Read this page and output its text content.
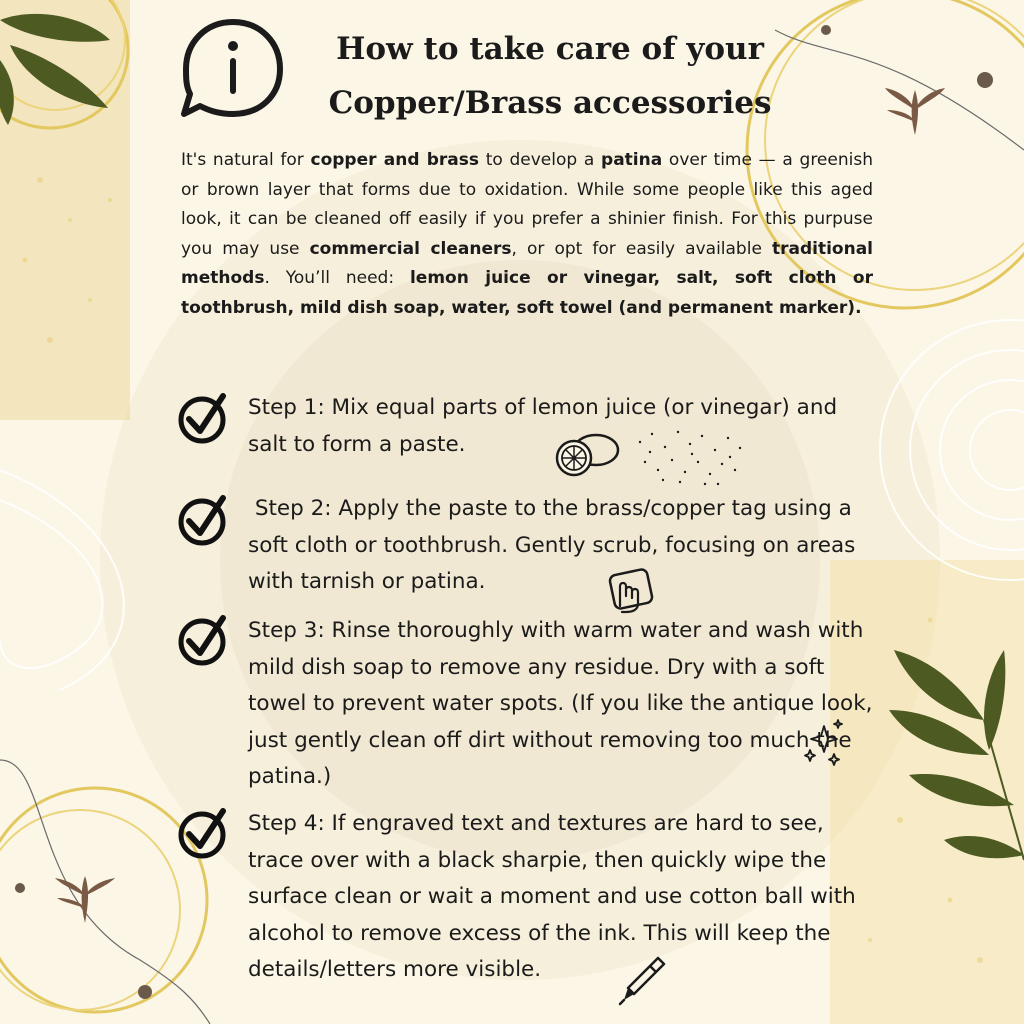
How to take care of your
Copper/Brass accessories

It's natural for copper and brass to develop a patina over time — a greenish or brown layer that forms due to oxidation. While some people like this aged look, it can be cleaned off easily if you prefer a shinier finish. For this purpuse you may use commercial cleaners, or opt for easily available traditional methods. You’ll need: lemon juice or vinegar, salt, soft cloth or toothbrush, mild dish soap, water, soft towel (and permanent marker).

Step 1: Mix equal parts of lemon juice (or vinegar) and salt to form a paste.

Step 2: Apply the paste to the brass/copper tag using a soft cloth or toothbrush. Gently scrub, focusing on areas with tarnish or patina.

Step 3: Rinse thoroughly with warm water and wash with mild dish soap to remove any residue. Dry with a soft towel to prevent water spots. (If you like the antique look, just gently clean off dirt without removing too much the patina.)

Step 4: If engraved text and textures are hard to see, trace over with a black sharpie, then quickly wipe the surface clean or wait a moment and use cotton ball with alcohol to remove excess of the ink. This will keep the details/letters more visible.
